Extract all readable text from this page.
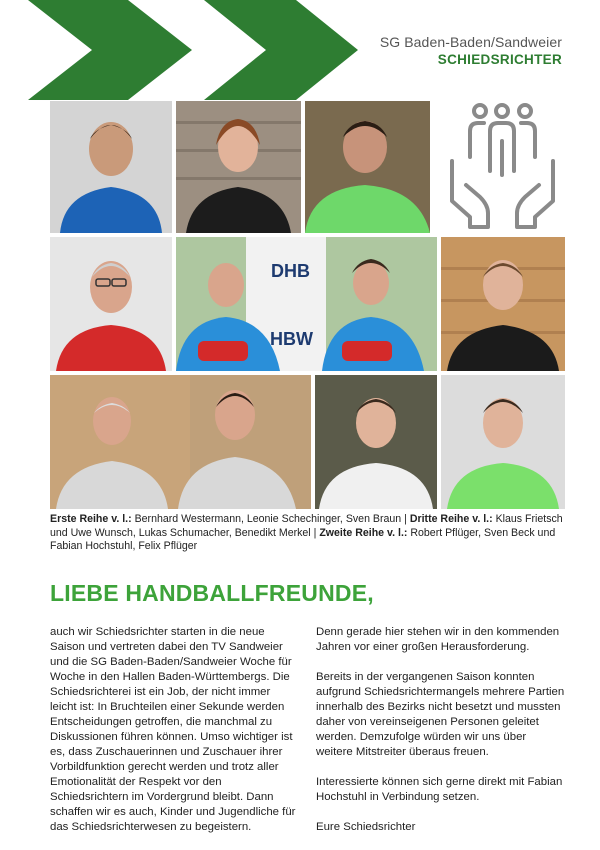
SG Baden-Baden/Sandweier
SCHIEDSRICHTER
DHB
HBW
Erste Reihe v. l.: Bernhard Westermann, Leonie Schechinger, Sven Braun | Dritte Reihe v. l.: Klaus Frietsch und Uwe Wunsch, Lukas Schumacher, Benedikt Merkel | Zweite Reihe v. l.: Robert Pflüger, Sven Beck und Fabian Hochstuhl, Felix Pflüger
LIEBE HANDBALLFREUNDE,

auch wir Schiedsrichter starten in die neue Saison und vertreten dabei den TV Sandweier und die SG Baden-Baden/Sandweier Woche für Woche in den Hallen Baden-Württembergs. Die Schiedsrichterei ist ein Job, der nicht immer leicht ist: In Bruchteilen einer Sekunde werden Entscheidungen getroffen, die manchmal zu Diskussionen führen können. Umso wichtiger ist es, dass Zuschauerinnen und Zuschauer ihrer Vorbildfunktion gerecht werden und trotz aller Emotionalität der Respekt vor den Schiedsrichtern im Vordergrund bleibt. Dann schaffen wir es auch, Kinder und Jugendliche für das Schiedsrichterwesen zu begeistern.

Denn gerade hier stehen wir in den kommenden Jahren vor einer großen Herausforderung.

Bereits in der vergangenen Saison konnten aufgrund Schiedsrichtermangels mehrere Partien innerhalb des Bezirks nicht besetzt und mussten daher von vereinseigenen Personen geleitet werden. Demzufolge würden wir uns über weitere Mitstreiter überaus freuen.

Interessierte können sich gerne direkt mit Fabian Hochstuhl in Verbindung setzen.

Eure Schiedsrichter
